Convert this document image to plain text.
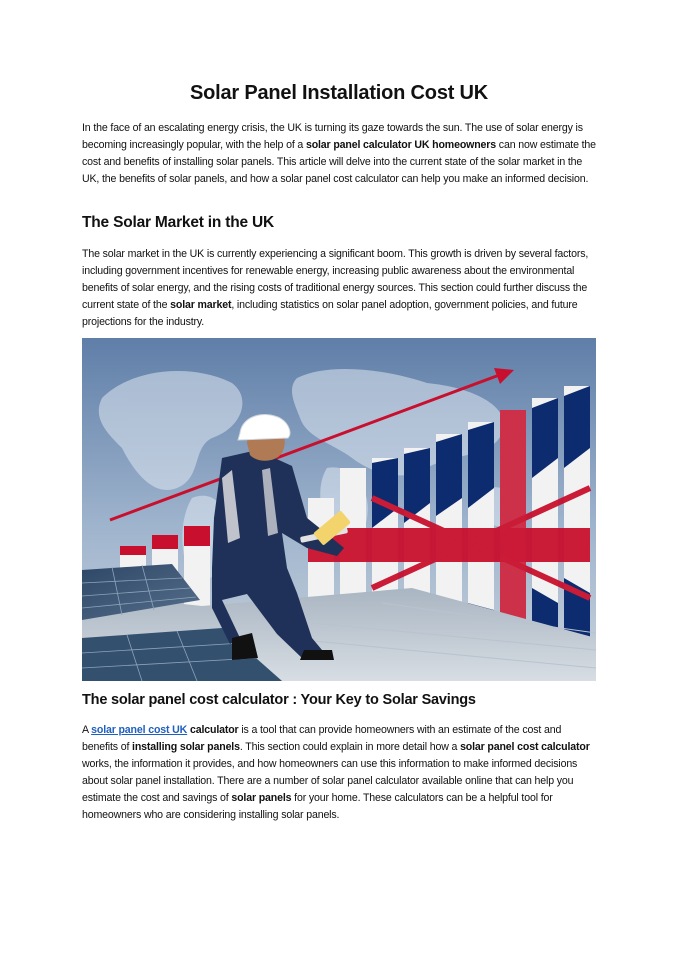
Solar Panel Installation Cost UK

In the face of an escalating energy crisis, the UK is turning its gaze towards the sun. The use of solar energy is becoming increasingly popular, with the help of a solar panel calculator UK homeowners can now estimate the cost and benefits of installing solar panels. This article will delve into the current state of the solar market in the UK, the benefits of solar panels, and how a solar panel cost calculator can help you make an informed decision.

The Solar Market in the UK

The solar market in the UK is currently experiencing a significant boom. This growth is driven by several factors, including government incentives for renewable energy, increasing public awareness about the environmental benefits of solar energy, and the rising costs of traditional energy sources. This section could further discuss the current state of the solar market, including statistics on solar panel adoption, government policies, and future projections for the industry.

The solar panel cost calculator : Your Key to Solar Savings

A solar panel cost UK calculator is a tool that can provide homeowners with an estimate of the cost and benefits of installing solar panels. This section could explain in more detail how a solar panel cost calculator works, the information it provides, and how homeowners can use this information to make informed decisions about solar panel installation. There are a number of solar panel calculator available online that can help you estimate the cost and savings of solar panels for your home. These calculators can be a helpful tool for homeowners who are considering installing solar panels.
